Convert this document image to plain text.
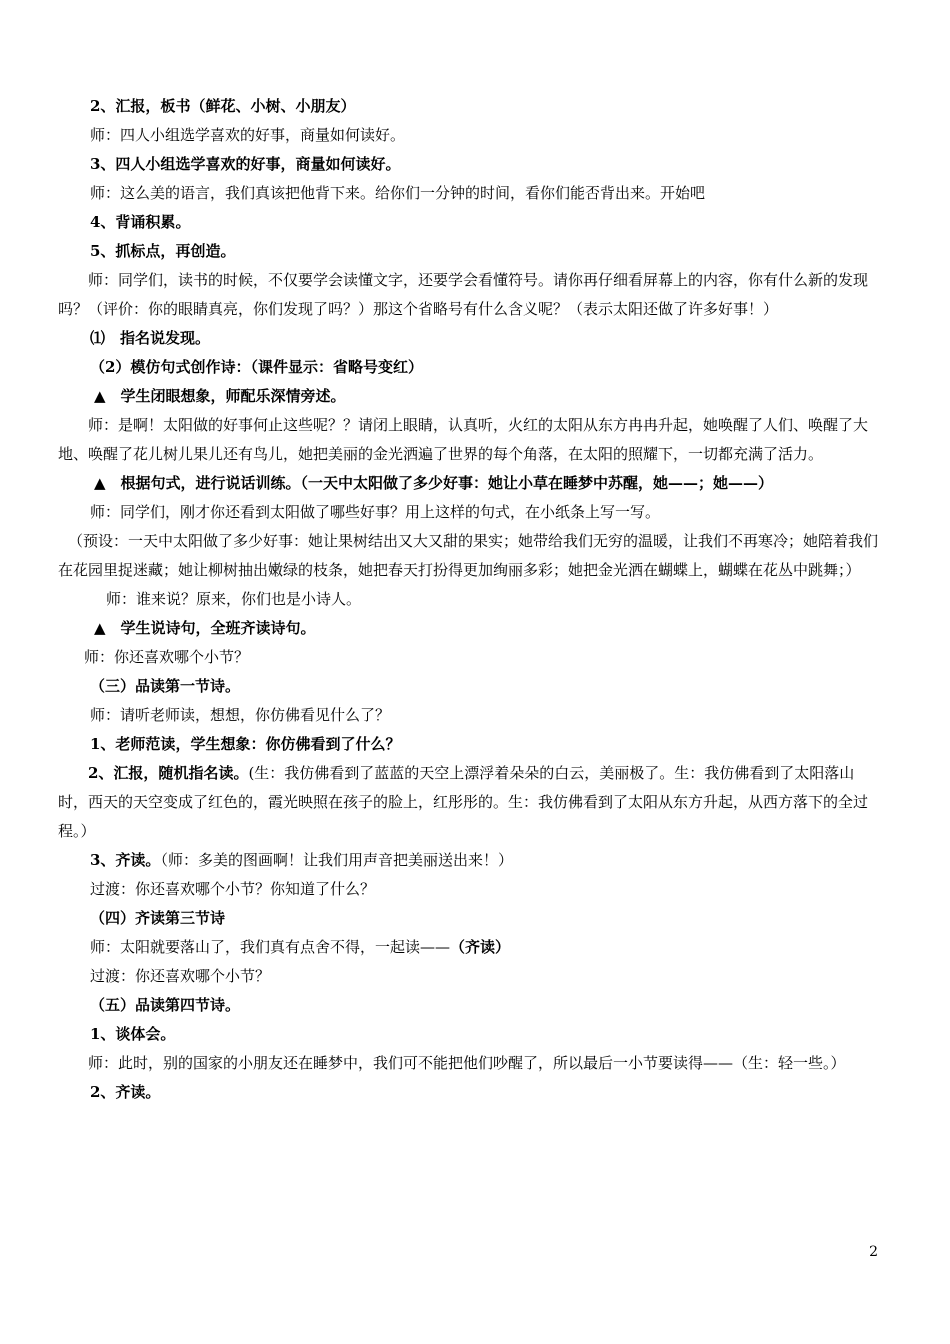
2、汇报，板书（鲜花、小树、小朋友）

师：四人小组选学喜欢的好事，商量如何读好。

3、四人小组选学喜欢的好事，商量如何读好。

师：这么美的语言，我们真该把他背下来。给你们一分钟的时间，看你们能否背出来。开始吧

4、背诵积累。

5、抓标点，再创造。

师：同学们，读书的时候，不仅要学会读懂文字，还要学会看懂符号。请你再仔细看屏幕上的内容，你有什么新的发现吗？（评价：你的眼睛真亮，你们发现了吗？）那这个省略号有什么含义呢？（表示太阳还做了许多好事！）

⑴　指名说发现。

（2）模仿句式创作诗：（课件显示：省略号变红）

▲　学生闭眼想象，师配乐深情旁述。

师：是啊！太阳做的好事何止这些呢？？请闭上眼睛，认真听，火红的太阳从东方冉冉升起，她唤醒了人们、唤醒了大地、唤醒了花儿树儿果儿还有鸟儿，她把美丽的金光洒遍了世界的每个角落，在太阳的照耀下，一切都充满了活力。

▲　根据句式，进行说话训练。（一天中太阳做了多少好事：她让小草在睡梦中苏醒，她——；她——）

师：同学们，刚才你还看到太阳做了哪些好事？用上这样的句式，在小纸条上写一写。

（预设：一天中太阳做了多少好事：她让果树结出又大又甜的果实；她带给我们无穷的温暖，让我们不再寒冷；她陪着我们在花园里捉迷藏；她让柳树抽出嫩绿的枝条，她把春天打扮得更加绚丽多彩；她把金光洒在蝴蝶上，蝴蝶在花丛中跳舞；）

师：谁来说？原来，你们也是小诗人。

▲　学生说诗句，全班齐读诗句。

师：你还喜欢哪个小节？

（三）品读第一节诗。

师：请听老师读，想想，你仿佛看见什么了？

1、老师范读，学生想象：你仿佛看到了什么？

2、汇报，随机指名读。(生：我仿佛看到了蓝蓝的天空上漂浮着朵朵的白云，美丽极了。生：我仿佛看到了太阳落山时，西天的天空变成了红色的，霞光映照在孩子的脸上，红彤彤的。生：我仿佛看到了太阳从东方升起，从西方落下的全过程。）

3、齐读。（师：多美的图画啊！让我们用声音把美丽送出来！）

过渡：你还喜欢哪个小节？你知道了什么？

（四）齐读第三节诗

师：太阳就要落山了，我们真有点舍不得，一起读——（齐读）

过渡：你还喜欢哪个小节？

（五）品读第四节诗。

1、谈体会。

师：此时，别的国家的小朋友还在睡梦中，我们可不能把他们吵醒了，所以最后一小节要读得——（生：轻一些。）

2、齐读。

2
